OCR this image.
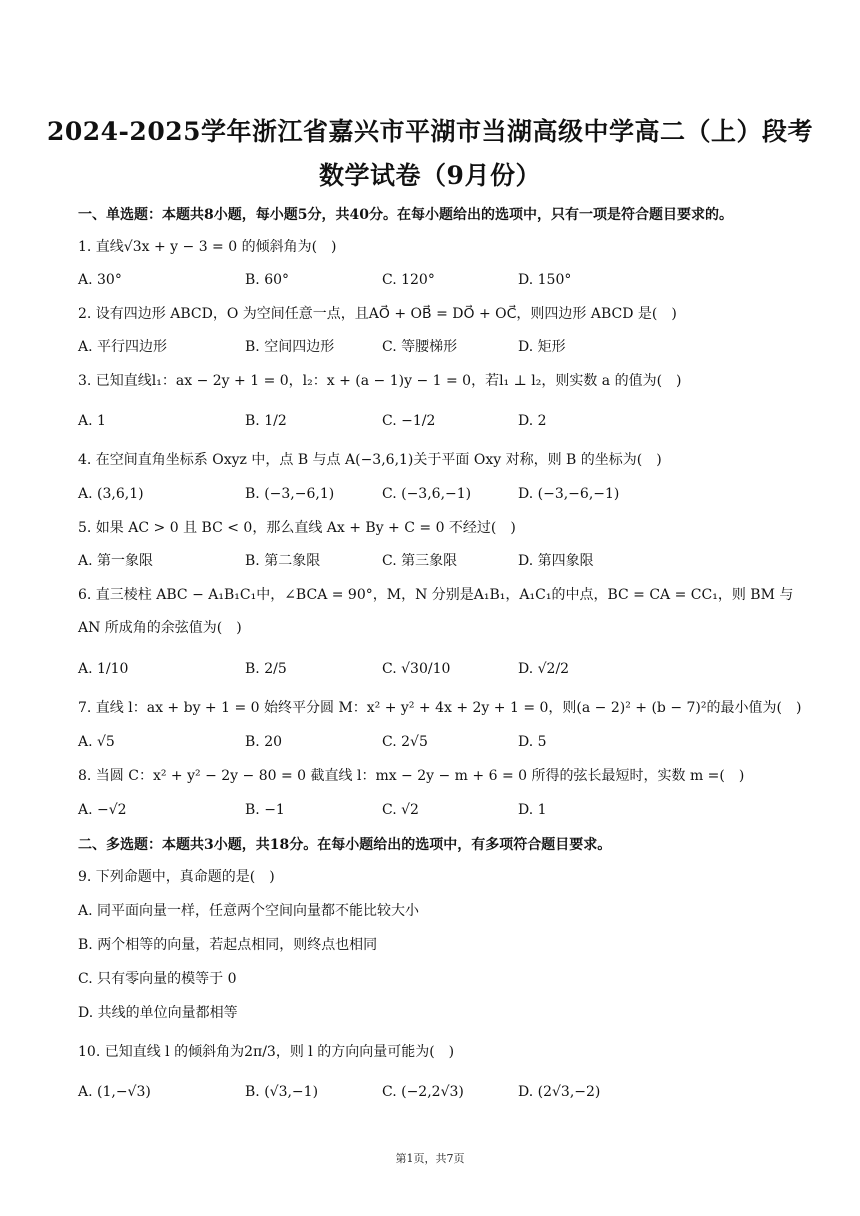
2024-2025学年浙江省嘉兴市平湖市当湖高级中学高二（上）段考
数学试卷（9月份）
一、单选题：本题共8小题，每小题5分，共40分。在每小题给出的选项中，只有一项是符合题目要求的。
1. 直线√3x + y − 3 = 0 的倾斜角为(　)
A. 30°	B. 60°	C. 120°	D. 150°
2. 设有四边形 ABCD，O 为空间任意一点，且AO⃗ + OB⃗ = DO⃗ + OC⃗，则四边形 ABCD 是(　)
A. 平行四边形	B. 空间四边形	C. 等腰梯形	D. 矩形
3. 已知直线l₁：ax − 2y + 1 = 0，l₂：x + (a − 1)y − 1 = 0，若l₁ ⊥ l₂，则实数 a 的值为(　)
A. 1	B. 1/2	C. −1/2	D. 2
4. 在空间直角坐标系 Oxyz 中，点 B 与点 A(−3,6,1)关于平面 Oxy 对称，则 B 的坐标为(　)
A. (3,6,1)	B. (−3,−6,1)	C. (−3,6,−1)	D. (−3,−6,−1)
5. 如果 AC > 0 且 BC < 0，那么直线 Ax + By + C = 0 不经过(　)
A. 第一象限	B. 第二象限	C. 第三象限	D. 第四象限
6. 直三棱柱 ABC − A₁B₁C₁中，∠BCA = 90°，M，N 分别是A₁B₁，A₁C₁的中点，BC = CA = CC₁，则 BM 与
AN 所成角的余弦值为(　)
A. 1/10	B. 2/5	C. √30/10	D. √2/2
7. 直线 l：ax + by + 1 = 0 始终平分圆 M：x² + y² + 4x + 2y + 1 = 0，则(a − 2)² + (b − 7)²的最小值为(　)
A. √5	B. 20	C. 2√5	D. 5
8. 当圆 C：x² + y² − 2y − 80 = 0 截直线 l：mx − 2y − m + 6 = 0 所得的弦长最短时，实数 m =(　)
A. −√2	B. −1	C. √2	D. 1
二、多选题：本题共3小题，共18分。在每小题给出的选项中，有多项符合题目要求。
9. 下列命题中，真命题的是(　)
A. 同平面向量一样，任意两个空间向量都不能比较大小
B. 两个相等的向量，若起点相同，则终点也相同
C. 只有零向量的模等于 0
D. 共线的单位向量都相等
10. 已知直线 l 的倾斜角为2π/3，则 l 的方向向量可能为(　)
A. (1,−√3)	B. (√3,−1)	C. (−2,2√3)	D. (2√3,−2)
第1页，共7页
